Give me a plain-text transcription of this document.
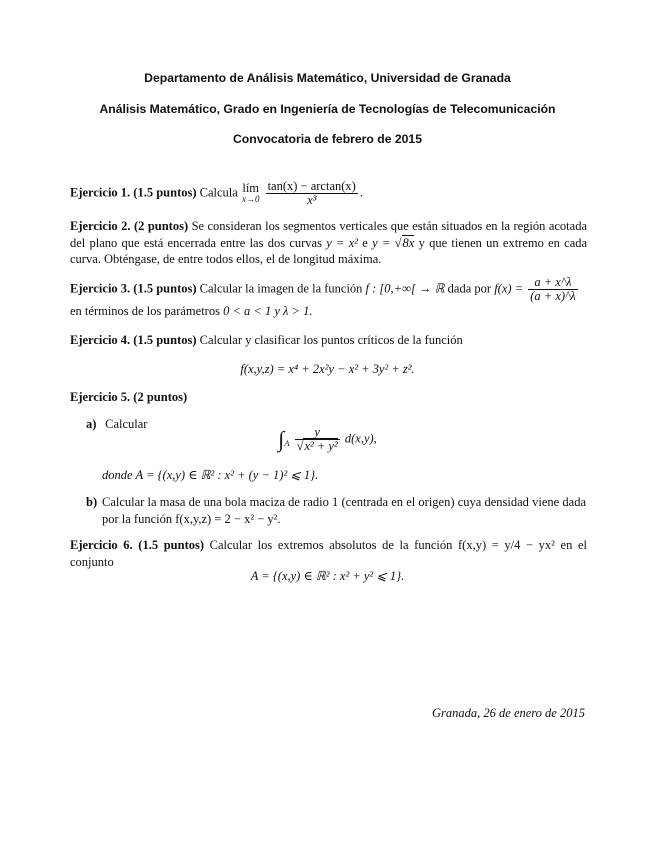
Departamento de Análisis Matemático, Universidad de Granada
Análisis Matemático, Grado en Ingeniería de Tecnologías de Telecomunicación
Convocatoria de febrero de 2015
Ejercicio 1. (1.5 puntos) Calcula lím
x→0
$\frac{\tan(x) - \arctan(x)}{\text{x³}}$ .
Ejercicio 2. (2 puntos) Se consideran los segmentos verticales que están situados en la región acotada del plano que está encerrada entre las dos curvas y = x² e y = √8x y que tienen un extremo en cada curva. Obténgase, de entre todos ellos, el de longitud máxima.
Ejercicio 3. (1.5 puntos) Calcular la imagen de la función f : [0,+∞[ → ℝ dada por $f(x) = \frac{a + x\^{}\lambda}{(a + x)\^{}\lambda}$

en términos de los parámetros 0 < a < 1 y λ > 1.
Ejercicio 4. (1.5 puntos) Calcular y clasificar los puntos críticos de la función
f(x,y,z) = x⁴ + 2x²y − x² + 3y² + z².
Ejercicio 5. (2 puntos)
a) Calcular
$\int_A \frac{y}{\text{√x² + y²}} d(x,y)$,
donde A = {(x,y) ∈ ℝ² : x² + (y − 1)² ⩽ 1}.
b) Calcular la masa de una bola maciza de radio 1 (centrada en el origen) cuya densidad viene dada por la función f(x,y,z) = 2 − x² − y².
Ejercicio 6. (1.5 puntos) Calcular los extremos absolutos de la función f(x,y) = y/4 − yx² en el conjunto
A = {(x,y) ∈ ℝ² : x² + y² ⩽ 1}.
Granada, 26 de enero de 2015
